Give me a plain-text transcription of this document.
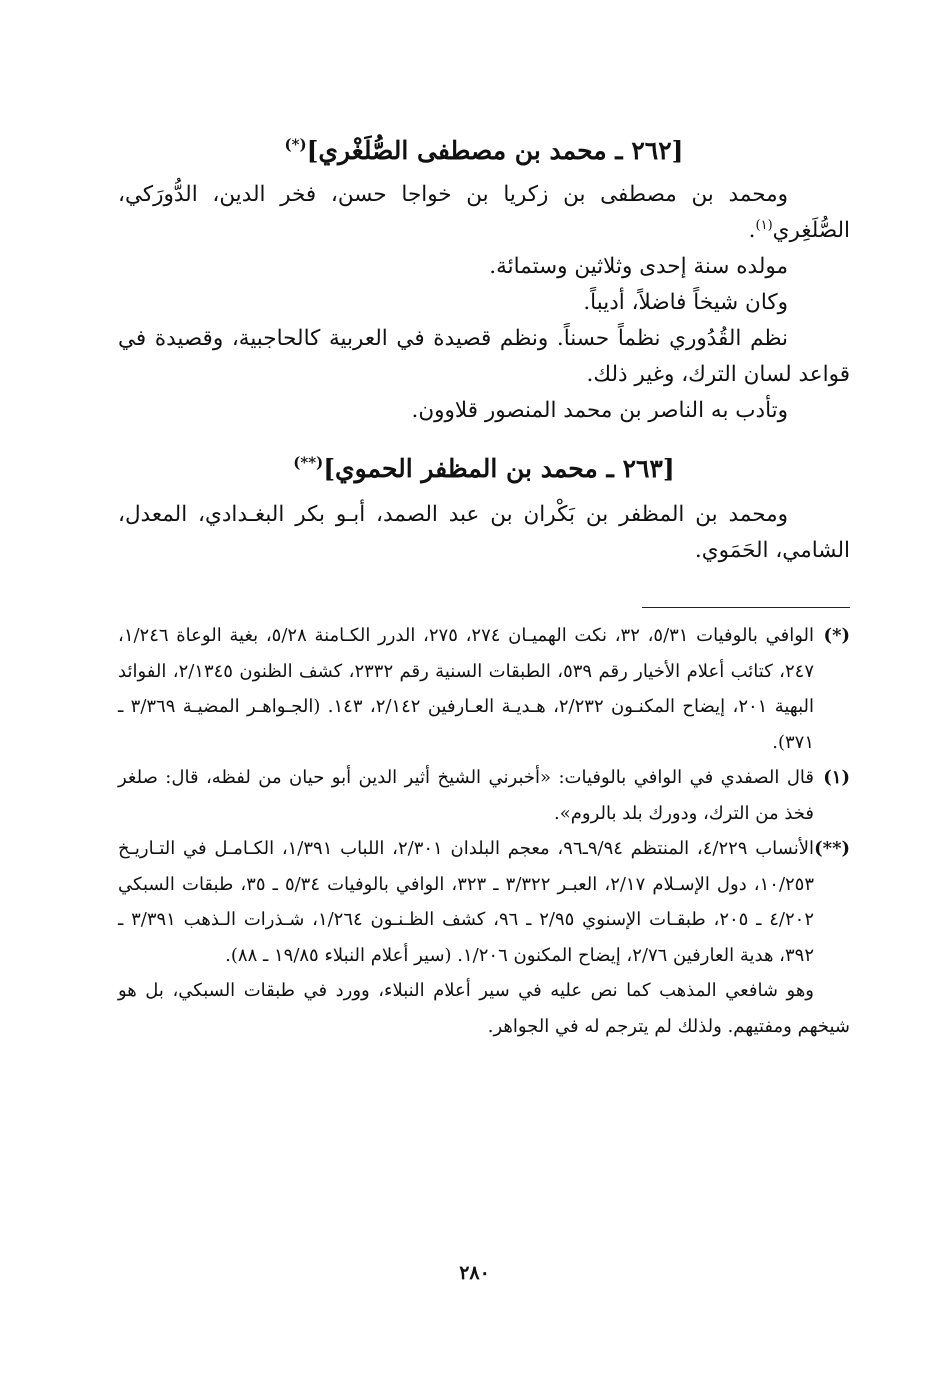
[٢٦٢ ـ محمد بن مصطفى الصُّلَغْري](*)

ومحمد بن مصطفى بن زكريا بن خواجا حسن، فخر الدين، الدُّورَكي، الصُّلَغِري$^{(١)}$.

مولده سنة إحدى وثلاثين وستمائة.

وكان شيخاً فاضلاً، أديباً.

نظم القُدُوري نظماً حسناً. ونظم قصيدة في العربية كالحاجبية، وقصيدة في قواعد لسان الترك، وغير ذلك.

وتأدب به الناصر بن محمد المنصور قلاوون.

[٢٦٣ ـ محمد بن المظفر الحموي](**)

ومحمد بن المظفر بن بَكْران بن عبد الصمد، أبـو بكر البغـدادي، المعدل، الشامي، الحَمَوي.

(*)
الوافي بالوفيات ٥/٣١، ٣٢، نكت الهميـان ٢٧٤، ٢٧٥، الدرر الكـامنة ٥/٢٨، بغية الوعاة ١/٢٤٦، ٢٤٧، كتائب أعلام الأخيار رقم ٥٣٩، الطبقات السنية رقم ٢٣٣٢، كشف الظنون ٢/١٣٤٥، الفوائد البهية ٢٠١، إيضاح المكنـون ٢/٢٣٢، هـديـة العـارفين ٢/١٤٢، ١٤٣. (الجـواهـر المضيـة ٣/٣٦٩ ـ ٣٧١).

(١)
قال الصفدي في الوافي بالوفيات: «أخبرني الشيخ أثير الدين أبو حيان من لفظه، قال: صلغر فخذ من الترك، ودورك بلد بالروم».

(**)
الأنساب ٤/٢٢٩، المنتظم ٩/٩٤ـ٩٦، معجم البلدان ٢/٣٠١، اللباب ١/٣٩١، الكـامـل في التـاريـخ ١٠/٢٥٣، دول الإسـلام ٢/١٧، العبـر ٣/٣٢٢ ـ ٣٢٣، الوافي بالوفيات ٥/٣٤ ـ ٣٥، طبقات السبكي ٤/٢٠٢ ـ ٢٠٥، طبقـات الإسنوي ٢/٩٥ ـ ٩٦، كشف الظـنـون ١/٢٦٤، شـذرات الـذهب ٣/٣٩١ ـ ٣٩٢، هدية العارفين ٢/٧٦، إيضاح المكنون ١/٢٠٦. (سير أعلام النبلاء ١٩/٨٥ ـ ٨٨).

وهو شافعي المذهب كما نص عليه في سير أعلام النبلاء، وورد في طبقات السبكي، بل هو شيخهم ومفتيهم. ولذلك لم يترجم له في الجواهر.

٢٨٠
